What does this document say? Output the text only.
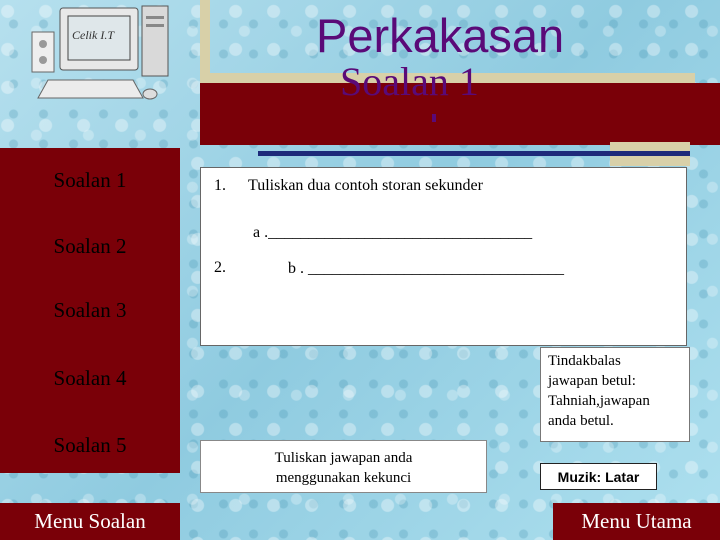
Celik I.T	Perkakasan
Soalan 1
Soalan 1
Soalan 2
Soalan 3
Soalan 4
Soalan 5
1. Tuliskan dua contoh storan sekunder
a ._________________________________
2.	b . ________________________________
Tindakbalas
jawapan betul:
Tahniah,jawapan
anda betul.
Tuliskan jawapan anda
menggunakan kekunci	Muzik: Latar
Menu Soalan	Menu Utama
